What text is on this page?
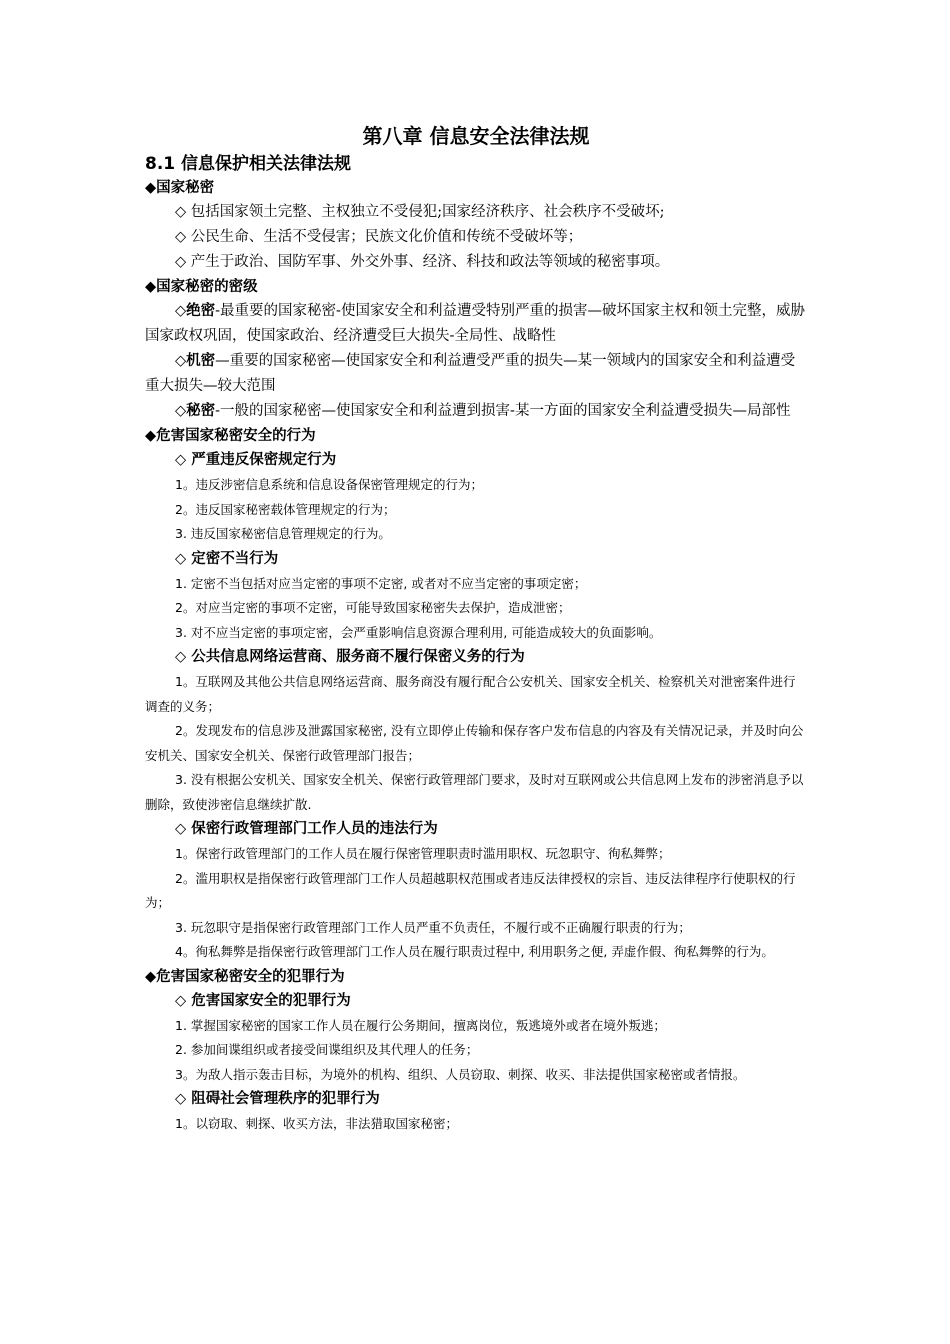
第八章 信息安全法律法规
8.1 信息保护相关法律法规
◆国家秘密
◇ 包括国家领土完整、主权独立不受侵犯;国家经济秩序、社会秩序不受破坏;
◇ 公民生命、生活不受侵害；民族文化价值和传统不受破坏等；
◇ 产生于政治、国防军事、外交外事、经济、科技和政法等领域的秘密事项。
◆国家秘密的密级
◇绝密-最重要的国家秘密-使国家安全和利益遭受特别严重的损害—破坏国家主权和领土完整，威胁国家政权巩固，使国家政治、经济遭受巨大损失-全局性、战略性
◇机密—重要的国家秘密—使国家安全和利益遭受严重的损失—某一领域内的国家安全和利益遭受重大损失—较大范围
◇秘密-一般的国家秘密—使国家安全和利益遭到损害-某一方面的国家安全利益遭受损失—局部性
◆危害国家秘密安全的行为
◇ 严重违反保密规定行为
1。违反涉密信息系统和信息设备保密管理规定的行为；
2。违反国家秘密载体管理规定的行为；
3. 违反国家秘密信息管理规定的行为。
◇ 定密不当行为
1. 定密不当包括对应当定密的事项不定密, 或者对不应当定密的事项定密；
2。对应当定密的事项不定密，可能导致国家秘密失去保护，造成泄密；
3. 对不应当定密的事项定密，会严重影响信息资源合理利用, 可能造成较大的负面影响。
◇ 公共信息网络运营商、服务商不履行保密义务的行为
1。互联网及其他公共信息网络运营商、服务商没有履行配合公安机关、国家安全机关、检察机关对泄密案件进行调查的义务；
2。发现发布的信息涉及泄露国家秘密, 没有立即停止传输和保存客户发布信息的内容及有关情况记录，并及时向公安机关、国家安全机关、保密行政管理部门报告；
3. 没有根据公安机关、国家安全机关、保密行政管理部门要求，及时对互联网或公共信息网上发布的涉密消息予以删除，致使涉密信息继续扩散.
◇ 保密行政管理部门工作人员的违法行为
1。保密行政管理部门的工作人员在履行保密管理职责时滥用职权、玩忽职守、徇私舞弊；
2。滥用职权是指保密行政管理部门工作人员超越职权范围或者违反法律授权的宗旨、违反法律程序行使职权的行为；
3. 玩忽职守是指保密行政管理部门工作人员严重不负责任，不履行或不正确履行职责的行为；
4。徇私舞弊是指保密行政管理部门工作人员在履行职责过程中, 利用职务之便, 弄虚作假、徇私舞弊的行为。
◆危害国家秘密安全的犯罪行为
◇ 危害国家安全的犯罪行为
1. 掌握国家秘密的国家工作人员在履行公务期间，擅离岗位，叛逃境外或者在境外叛逃；
2. 参加间谍组织或者接受间谍组织及其代理人的任务；
3。为敌人指示轰击目标，为境外的机构、组织、人员窃取、刺探、收买、非法提供国家秘密或者情报。
◇ 阻碍社会管理秩序的犯罪行为
1。以窃取、刺探、收买方法，非法猎取国家秘密；
